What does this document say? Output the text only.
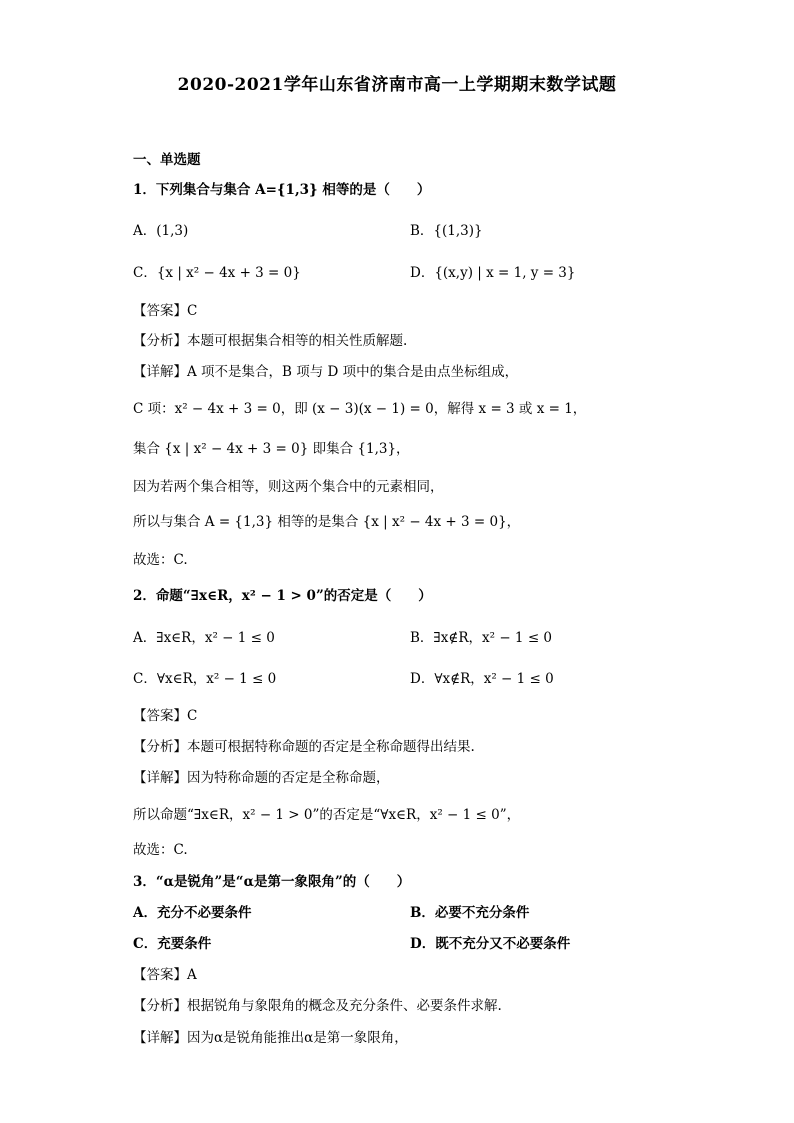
2020-2021学年山东省济南市高一上学期期末数学试题
一、单选题
1．下列集合与集合 A={1,3} 相等的是（　　）
A．(1,3)	B．{(1,3)}
C．{x | x² − 4x + 3 = 0}	D．{(x,y) | x = 1, y = 3}
【答案】C
【分析】本题可根据集合相等的相关性质解题.
【详解】A 项不是集合，B 项与 D 项中的集合是由点坐标组成，
C 项：x² − 4x + 3 = 0，即 (x − 3)(x − 1) = 0，解得 x = 3 或 x = 1，
集合 {x | x² − 4x + 3 = 0} 即集合 {1,3}，
因为若两个集合相等，则这两个集合中的元素相同，
所以与集合 A = {1,3} 相等的是集合 {x | x² − 4x + 3 = 0}，
故选：C.
2．命题“∃x∈R，x² − 1 > 0”的否定是（　　）
A．∃x∈R，x² − 1 ≤ 0	B．∃x∉R，x² − 1 ≤ 0
C．∀x∈R，x² − 1 ≤ 0	D．∀x∉R，x² − 1 ≤ 0
【答案】C
【分析】本题可根据特称命题的否定是全称命题得出结果.
【详解】因为特称命题的否定是全称命题，
所以命题“∃x∈R，x² − 1 > 0”的否定是“∀x∈R，x² − 1 ≤ 0”，
故选：C.
3．“α是锐角”是“α是第一象限角”的（　　）
A．充分不必要条件	B．必要不充分条件
C．充要条件	D．既不充分又不必要条件
【答案】A
【分析】根据锐角与象限角的概念及充分条件、必要条件求解.
【详解】因为α是锐角能推出α是第一象限角，
